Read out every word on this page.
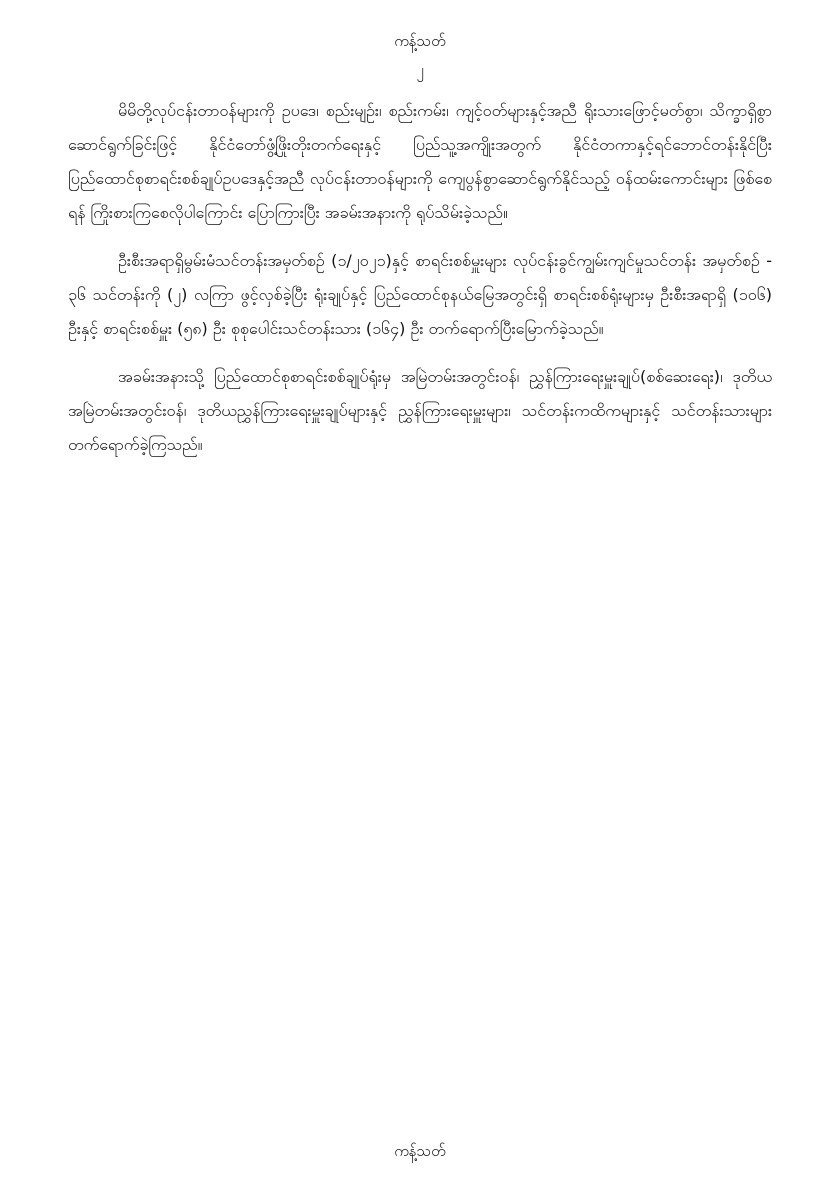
ကန့်သတ်
၂

မိမိတို့လုပ်ငန်းတာဝန်များကို ဥပဒေ၊ စည်းမျဉ်း၊ စည်းကမ်း၊ ကျင့်ဝတ်များနှင့်အညီ ရိုးသားဖြောင့်မတ်စွာ၊ သိက္ခာရှိစွာ ဆောင်ရွက်ခြင်းဖြင့် နိုင်ငံတော်ဖွံ့ဖြိုးတိုးတက်ရေးနှင့် ပြည်သူ့အကျိုးအတွက် နိုင်ငံတကာနှင့်ရင်ဘောင်တန်းနိုင်ပြီး ပြည်ထောင်စုစာရင်းစစ်ချုပ်ဥပဒေနှင့်အညီ လုပ်ငန်းတာဝန်များကို ကျေပွန်စွာဆောင်ရွက်နိုင်သည့် ဝန်ထမ်းကောင်းများ ဖြစ်စေရန် ကြိုးစားကြစေလိုပါကြောင်း ပြောကြားပြီး အခမ်းအနားကို ရုပ်သိမ်းခဲ့သည်။

ဦးစီးအရာရှိမွမ်းမံသင်တန်းအမှတ်စဉ် (၁/၂၀၂၁)နှင့် စာရင်းစစ်မှူးများ လုပ်ငန်းခွင်ကျွမ်းကျင်မှုသင်တန်း အမှတ်စဉ် - ၃၆ သင်တန်းကို (၂) လကြာ ဖွင့်လှစ်ခဲ့ပြီး ရုံးချုပ်နှင့် ပြည်ထောင်စုနယ်မြေအတွင်းရှိ စာရင်းစစ်ရုံးများမှ ဦးစီးအရာရှိ (၁၀၆) ဦးနှင့် စာရင်းစစ်မှူး (၅၈) ဦး စုစုပေါင်းသင်တန်းသား (၁၆၄) ဦး တက်ရောက်ပြီးမြောက်ခဲ့သည်။

အခမ်းအနားသို့ ပြည်ထောင်စုစာရင်းစစ်ချုပ်ရုံးမှ အမြဲတမ်းအတွင်းဝန်၊ ညွှန်ကြားရေးမှူးချုပ်(စစ်ဆေးရေး)၊ ဒုတိယအမြဲတမ်းအတွင်းဝန်၊ ဒုတိယညွှန်ကြားရေးမှူးချုပ်များနှင့် ညွှန်ကြားရေးမှူးများ၊ သင်တန်းကထိကများနှင့် သင်တန်းသားများ တက်ရောက်ခဲ့ကြသည်။

ကန့်သတ်
